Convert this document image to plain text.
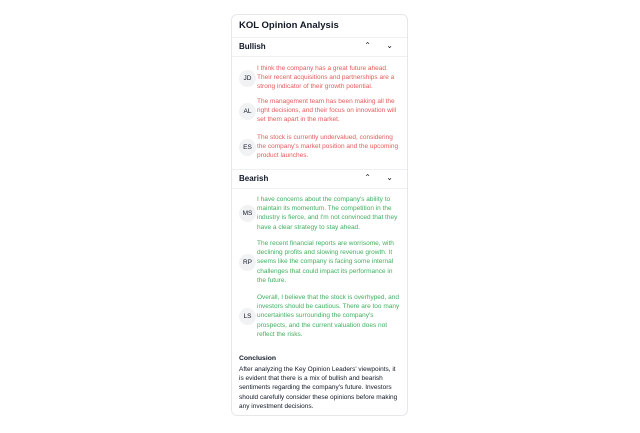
KOL Opinion Analysis
Bullish	⌃ ⌄
JD
I think the company has a great future ahead. Their recent acquisitions and partnerships are a strong indicator of their growth potential.
AL
The management team has been making all the right decisions, and their focus on innovation will set them apart in the market.
ES
The stock is currently undervalued, considering the company's market position and the upcoming product launches.
Bearish	⌃ ⌄
MS
I have concerns about the company's ability to maintain its momentum. The competition in the industry is fierce, and I'm not convinced that they have a clear strategy to stay ahead.
RP
The recent financial reports are worrisome, with declining profits and slowing revenue growth. It seems like the company is facing some internal challenges that could impact its performance in the future.
LS
Overall, I believe that the stock is overhyped, and investors should be cautious. There are too many uncertainties surrounding the company's prospects, and the current valuation does not reflect the risks.
Conclusion
After analyzing the Key Opinion Leaders' viewpoints, it is evident that there is a mix of bullish and bearish sentiments regarding the company's future. Investors should carefully consider these opinions before making any investment decisions.
